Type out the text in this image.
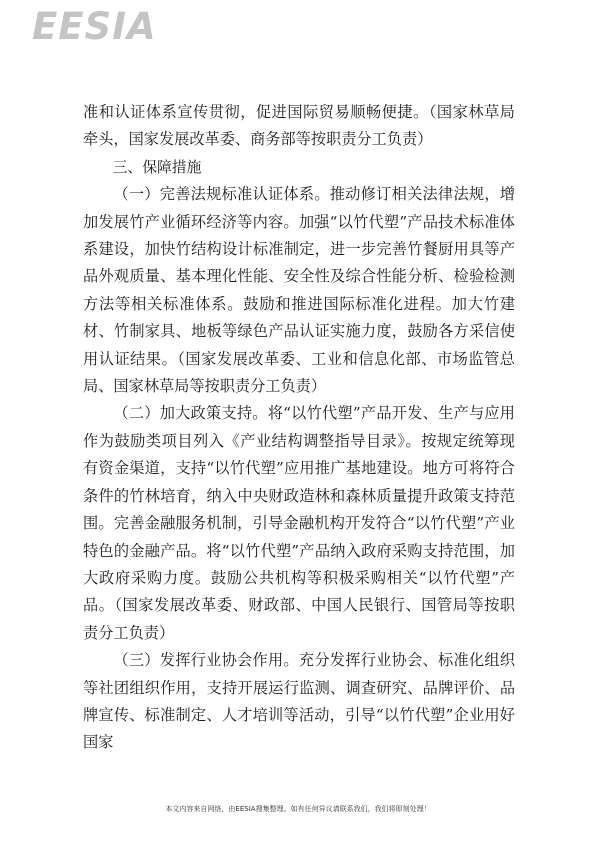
EESIA

准和认证体系宣传贯彻，促进国际贸易顺畅便捷。（国家林草局牵头，国家发展改革委、商务部等按职责分工负责）

三、保障措施

（一）完善法规标准认证体系。推动修订相关法律法规，增加发展竹产业循环经济等内容。加强“以竹代塑”产品技术标准体系建设，加快竹结构设计标准制定，进一步完善竹餐厨用具等产品外观质量、基本理化性能、安全性及综合性能分析、检验检测方法等相关标准体系。鼓励和推进国际标准化进程。加大竹建材、竹制家具、地板等绿色产品认证实施力度，鼓励各方采信使用认证结果。（国家发展改革委、工业和信息化部、市场监管总局、国家林草局等按职责分工负责）

（二）加大政策支持。将“以竹代塑”产品开发、生产与应用作为鼓励类项目列入《产业结构调整指导目录》。按规定统筹现有资金渠道，支持“以竹代塑”应用推广基地建设。地方可将符合条件的竹林培育，纳入中央财政造林和森林质量提升政策支持范围。完善金融服务机制，引导金融机构开发符合“以竹代塑”产业特色的金融产品。将“以竹代塑”产品纳入政府采购支持范围，加大政府采购力度。鼓励公共机构等积极采购相关“以竹代塑”产品。（国家发展改革委、财政部、中国人民银行、国管局等按职责分工负责）

（三）发挥行业协会作用。充分发挥行业协会、标准化组织等社团组织作用，支持开展运行监测、调查研究、品牌评价、品牌宣传、标准制定、人才培训等活动，引导“以竹代塑”企业用好国家

本文内容来自网络，由EESIA搜集整理。如有任何异议请联系我们，我们将即刻处理！
